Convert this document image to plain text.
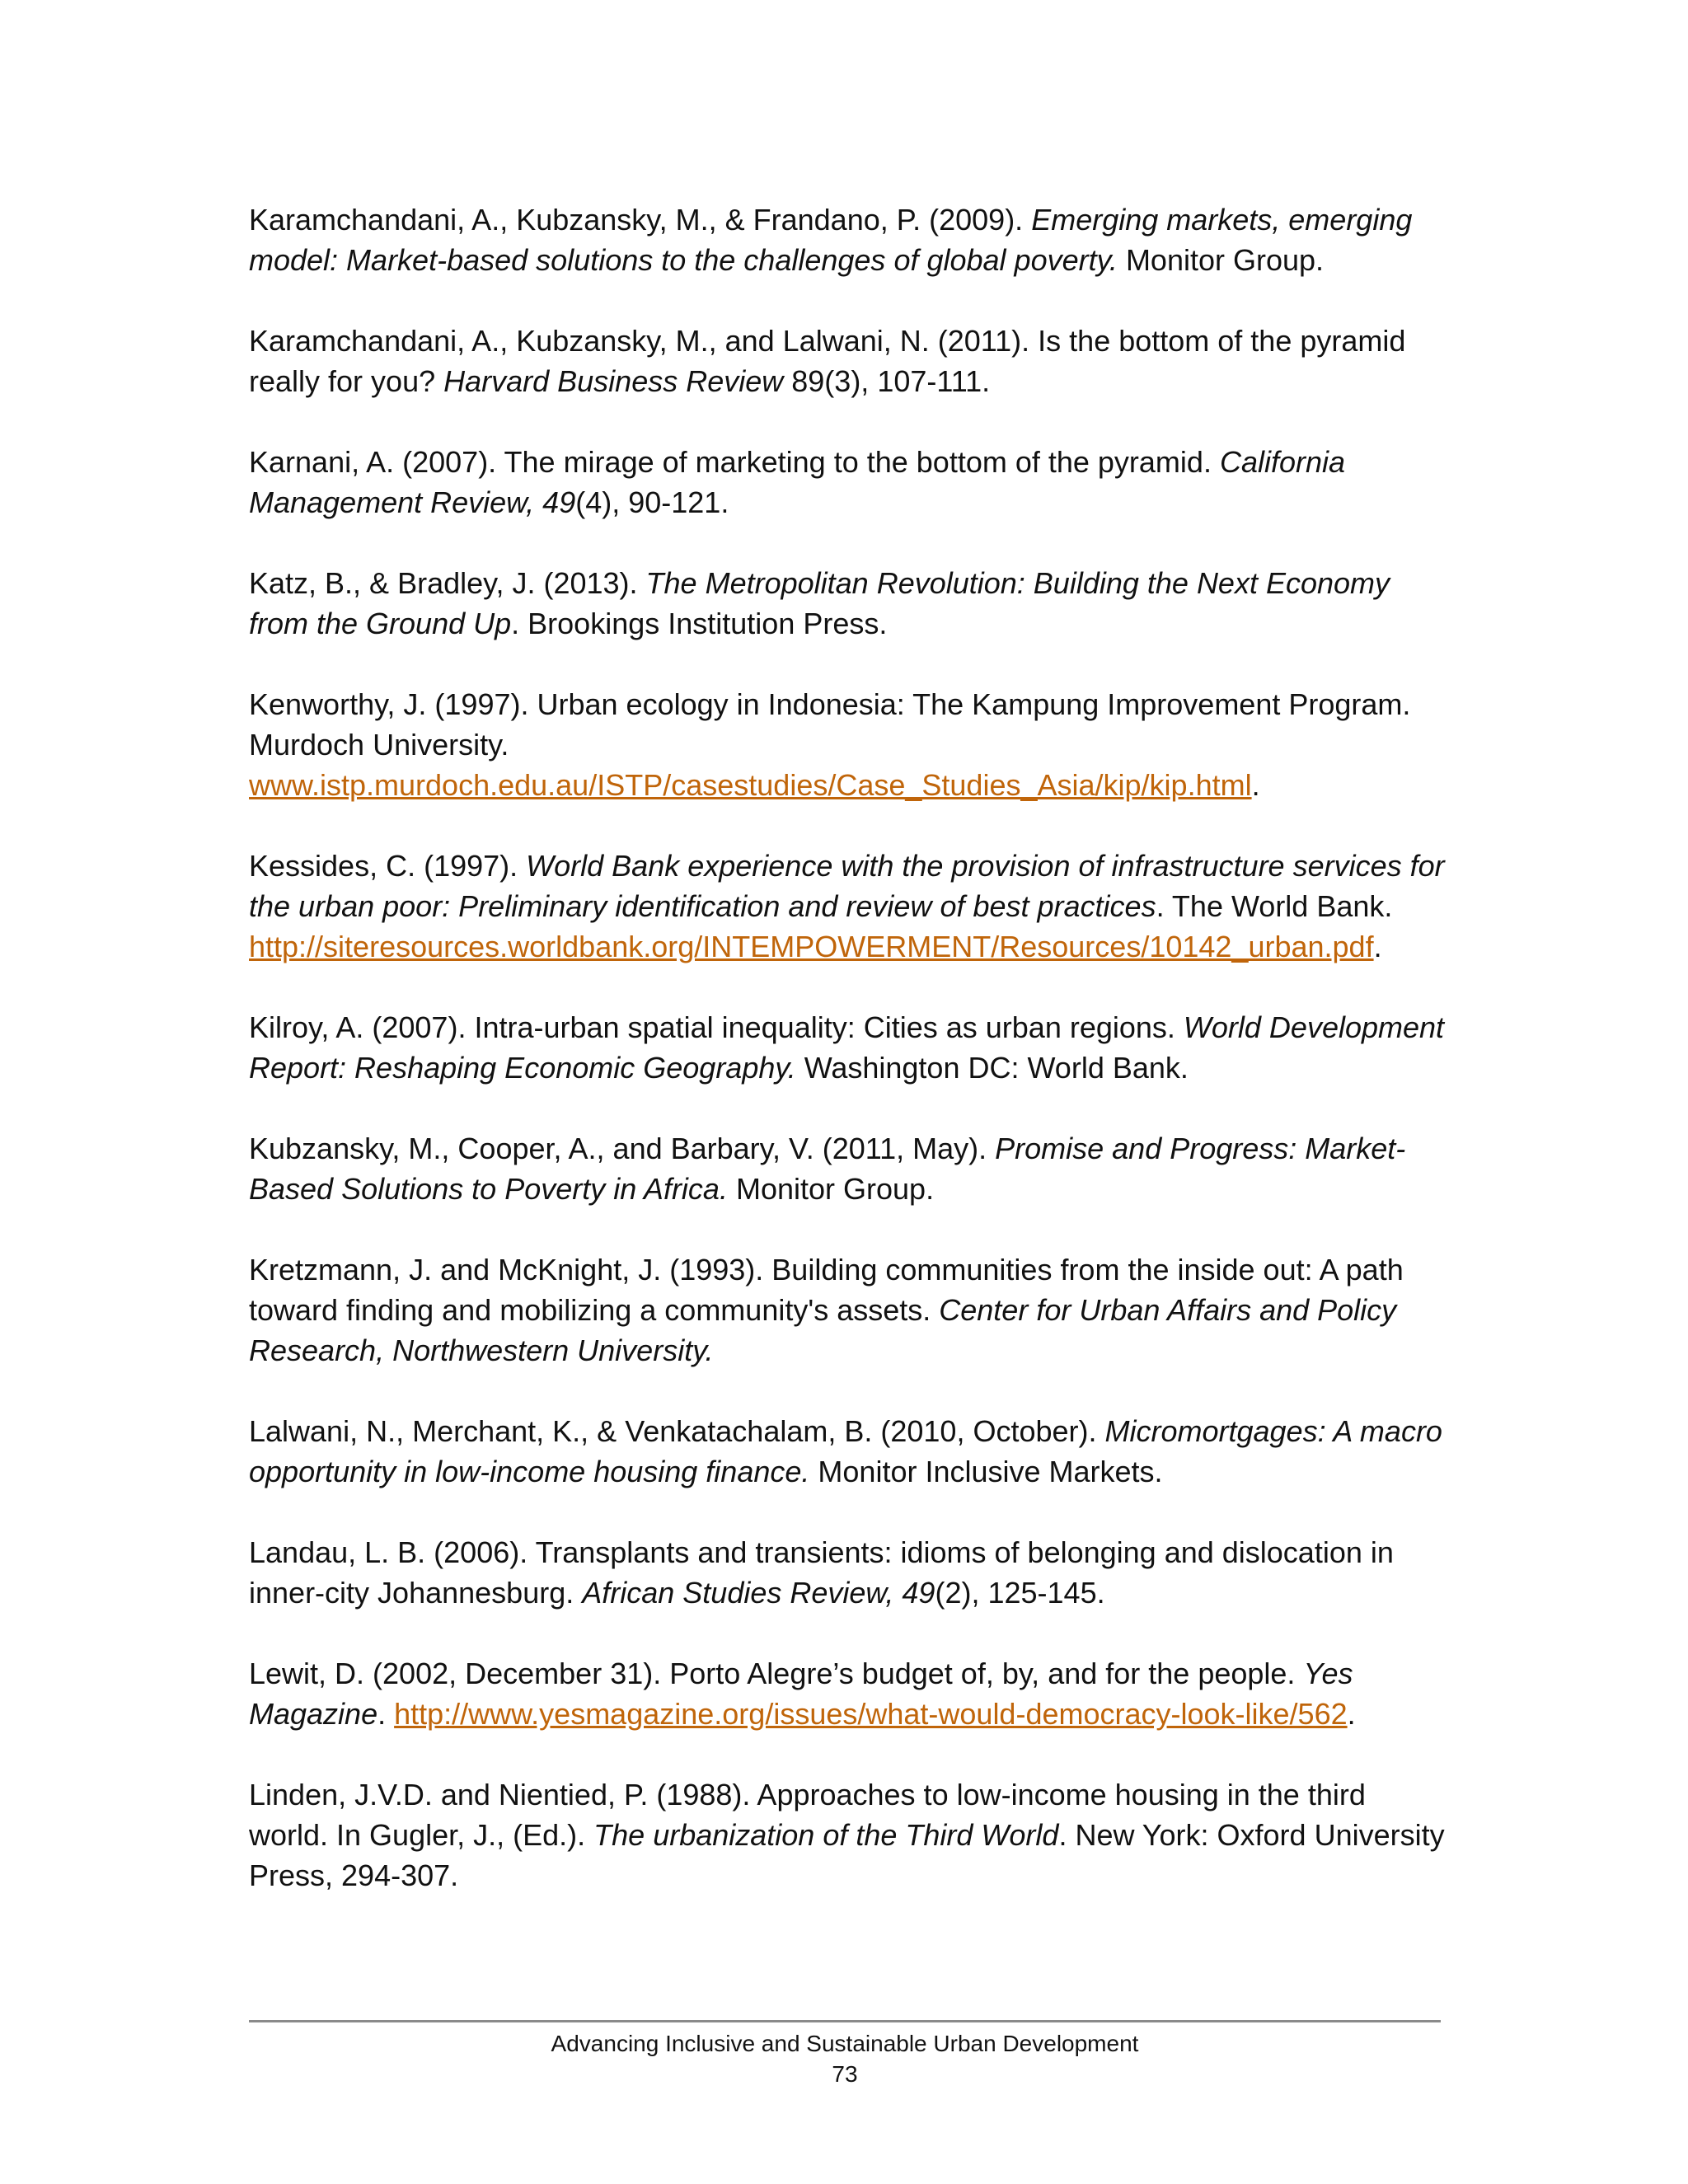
Karamchandani, A., Kubzansky, M., & Frandano, P. (2009). Emerging markets, emerging model: Market-based solutions to the challenges of global poverty. Monitor Group.

Karamchandani, A., Kubzansky, M., and Lalwani, N. (2011). Is the bottom of the pyramid really for you? Harvard Business Review 89(3), 107-111.

Karnani, A. (2007). The mirage of marketing to the bottom of the pyramid. California Management Review, 49(4), 90-121.

Katz, B., & Bradley, J. (2013). The Metropolitan Revolution: Building the Next Economy from the Ground Up. Brookings Institution Press.

Kenworthy, J. (1997). Urban ecology in Indonesia: The Kampung Improvement Program. Murdoch University.
www.istp.murdoch.edu.au/ISTP/casestudies/Case_Studies_Asia/kip/kip.html.

Kessides, C. (1997). World Bank experience with the provision of infrastructure services for the urban poor: Preliminary identification and review of best practices. The World Bank.
http://siteresources.worldbank.org/INTEMPOWERMENT/Resources/10142_urban.pdf.

Kilroy, A. (2007). Intra-urban spatial inequality: Cities as urban regions. World Development Report: Reshaping Economic Geography. Washington DC: World Bank.

Kubzansky, M., Cooper, A., and Barbary, V. (2011, May). Promise and Progress: Market-Based Solutions to Poverty in Africa. Monitor Group.

Kretzmann, J. and McKnight, J. (1993). Building communities from the inside out: A path toward finding and mobilizing a community's assets. Center for Urban Affairs and Policy Research, Northwestern University.

Lalwani, N., Merchant, K., & Venkatachalam, B. (2010, October). Micromortgages: A macro opportunity in low-income housing finance. Monitor Inclusive Markets.

Landau, L. B. (2006). Transplants and transients: idioms of belonging and dislocation in inner-city Johannesburg. African Studies Review, 49(2), 125-145.

Lewit, D. (2002, December 31). Porto Alegre’s budget of, by, and for the people. Yes Magazine. http://www.yesmagazine.org/issues/what-would-democracy-look-like/562.

Linden, J.V.D. and Nientied, P. (1988). Approaches to low-income housing in the third world. In Gugler, J., (Ed.). The urbanization of the Third World. New York: Oxford University Press, 294-307.

Advancing Inclusive and Sustainable Urban Development
73
